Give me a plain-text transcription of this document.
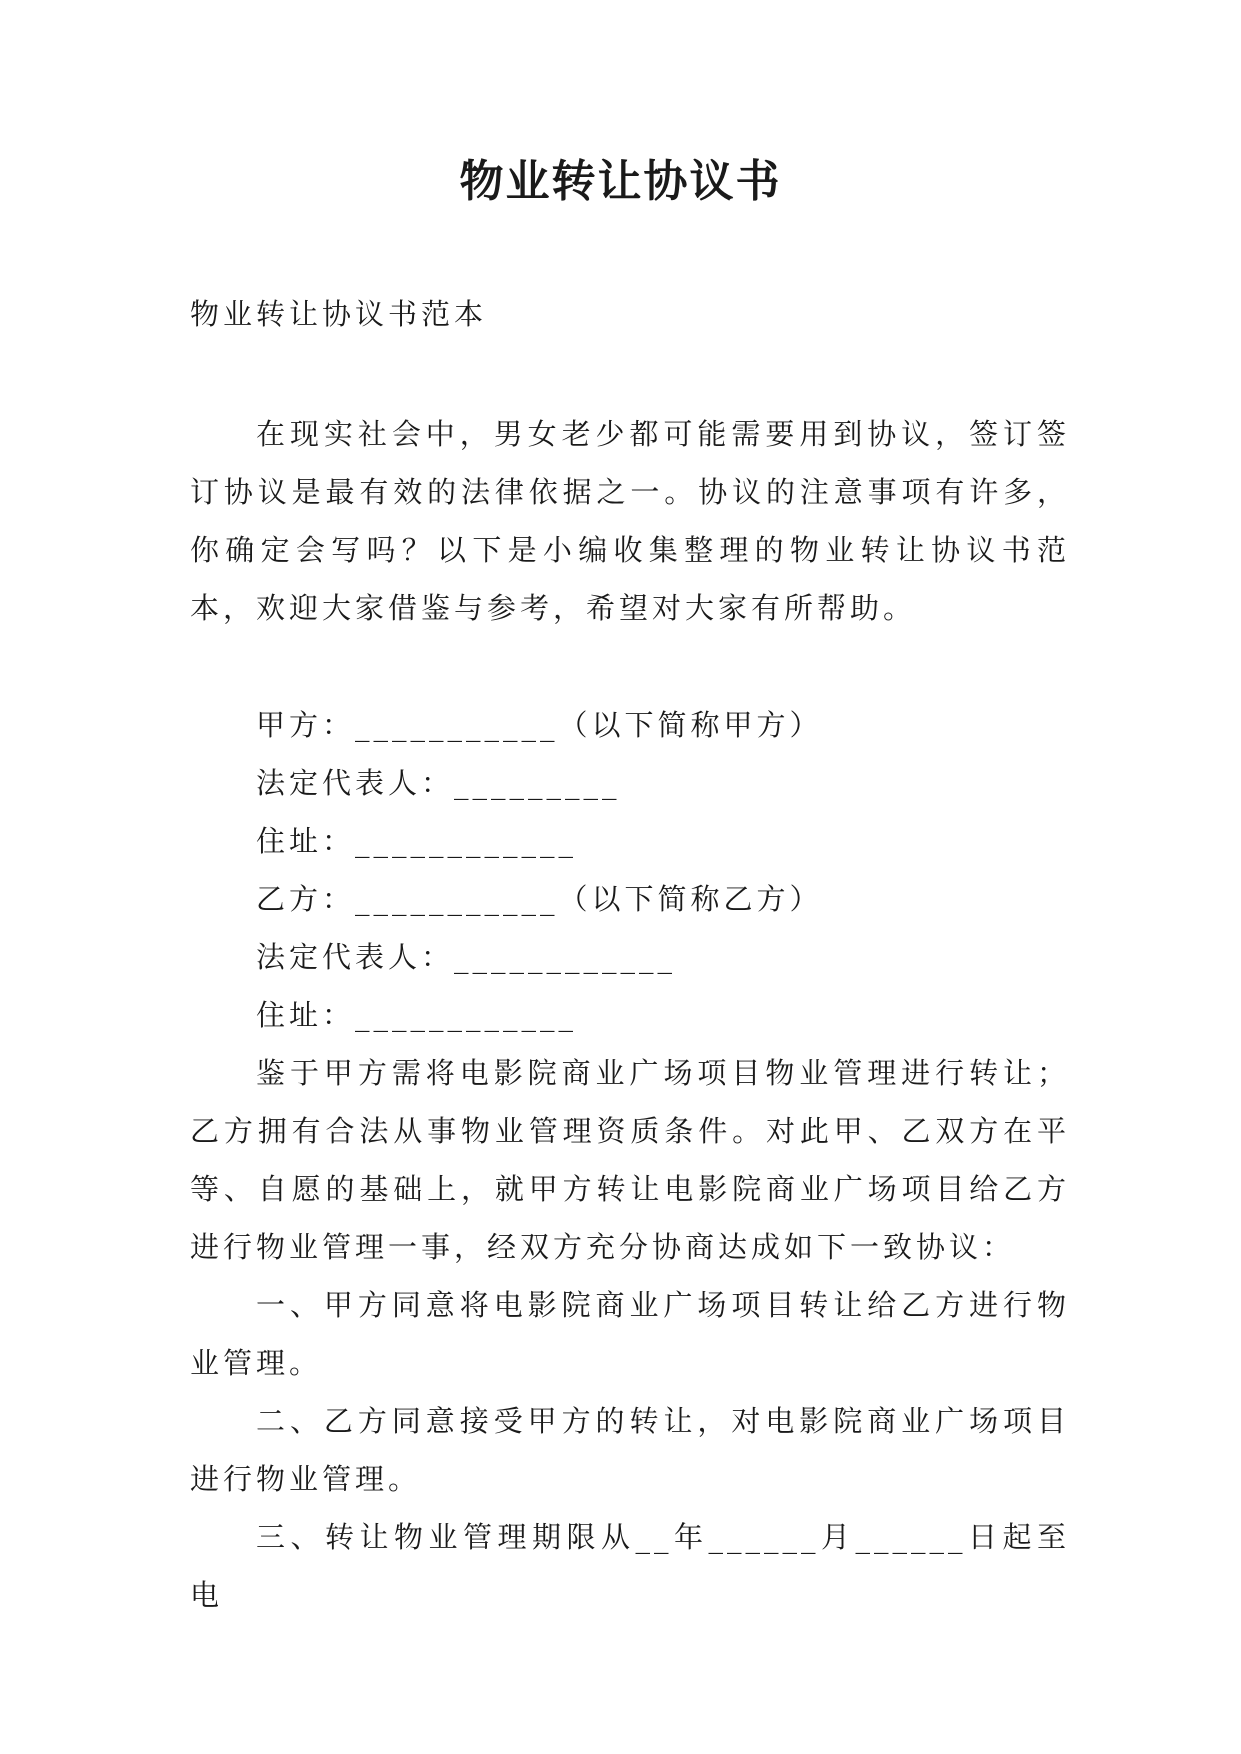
物业转让协议书

物业转让协议书范本

在现实社会中，男女老少都可能需要用到协议，签订签订协议是最有效的法律依据之一。协议的注意事项有许多，你确定会写吗？以下是小编收集整理的物业转让协议书范本，欢迎大家借鉴与参考，希望对大家有所帮助。

甲方：___________（以下简称甲方）
法定代表人：_________
住址：____________
乙方：___________（以下简称乙方）
法定代表人：____________
住址：____________

鉴于甲方需将电影院商业广场项目物业管理进行转让；乙方拥有合法从事物业管理资质条件。对此甲、乙双方在平等、自愿的基础上，就甲方转让电影院商业广场项目给乙方进行物业管理一事，经双方充分协商达成如下一致协议：

一、甲方同意将电影院商业广场项目转让给乙方进行物业管理。

二、乙方同意接受甲方的转让，对电影院商业广场项目进行物业管理。

三、转让物业管理期限从__年______月______日起至电
